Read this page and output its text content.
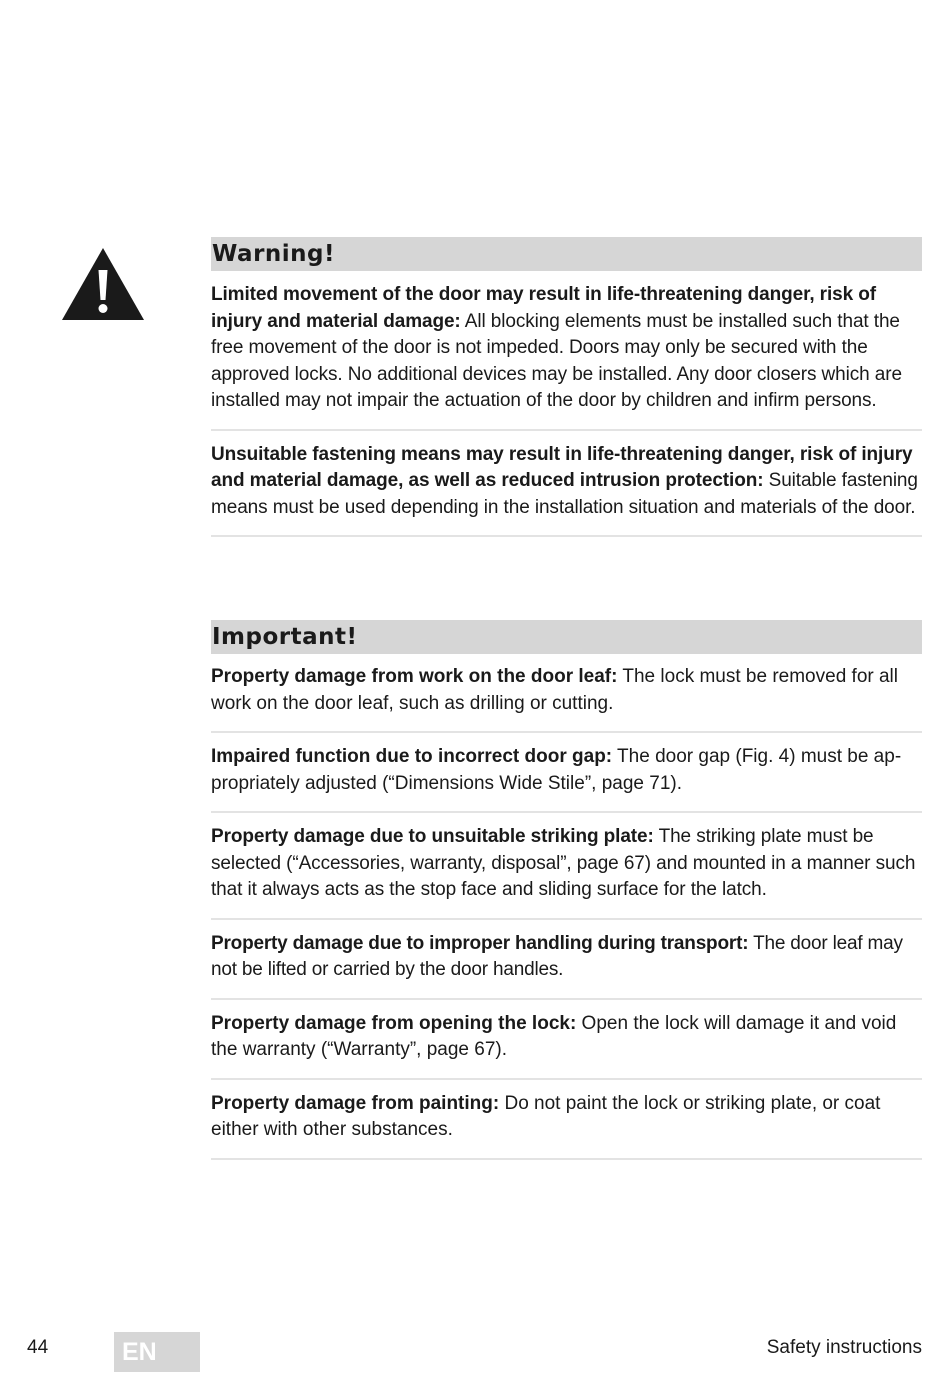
Warning!
Limited movement of the door may result in life-threatening danger, risk of injury and material damage: All blocking elements must be installed such that the free movement of the door is not impeded. Doors may only be secured with the approved locks. No additional devices may be installed. Any door closers which are installed may not impair the actuation of the door by children and infirm persons.
Unsuitable fastening means may result in life-threatening danger, risk of injury and material damage, as well as reduced intrusion protection: Suitable fastening means must be used depending in the installation situation and materials of the door.
Important!
Property damage from work on the door leaf: The lock must be removed for all work on the door leaf, such as drilling or cutting.
Impaired function due to incorrect door gap: The door gap (Fig. 4) must be appropriately adjusted (“Dimensions Wide Stile”, page 71).
Property damage due to unsuitable striking plate: The striking plate must be selected (“Accessories, warranty, disposal”, page 67) and mounted in a manner such that it always acts as the stop face and sliding surface for the latch.
Property damage due to improper handling during transport: The door leaf may not be lifted or carried by the door handles.
Property damage from opening the lock: Open the lock will damage it and void the warranty (“Warranty”, page 67).
Property damage from painting: Do not paint the lock or striking plate, or coat either with other substances.
44	EN	Safety instructions
